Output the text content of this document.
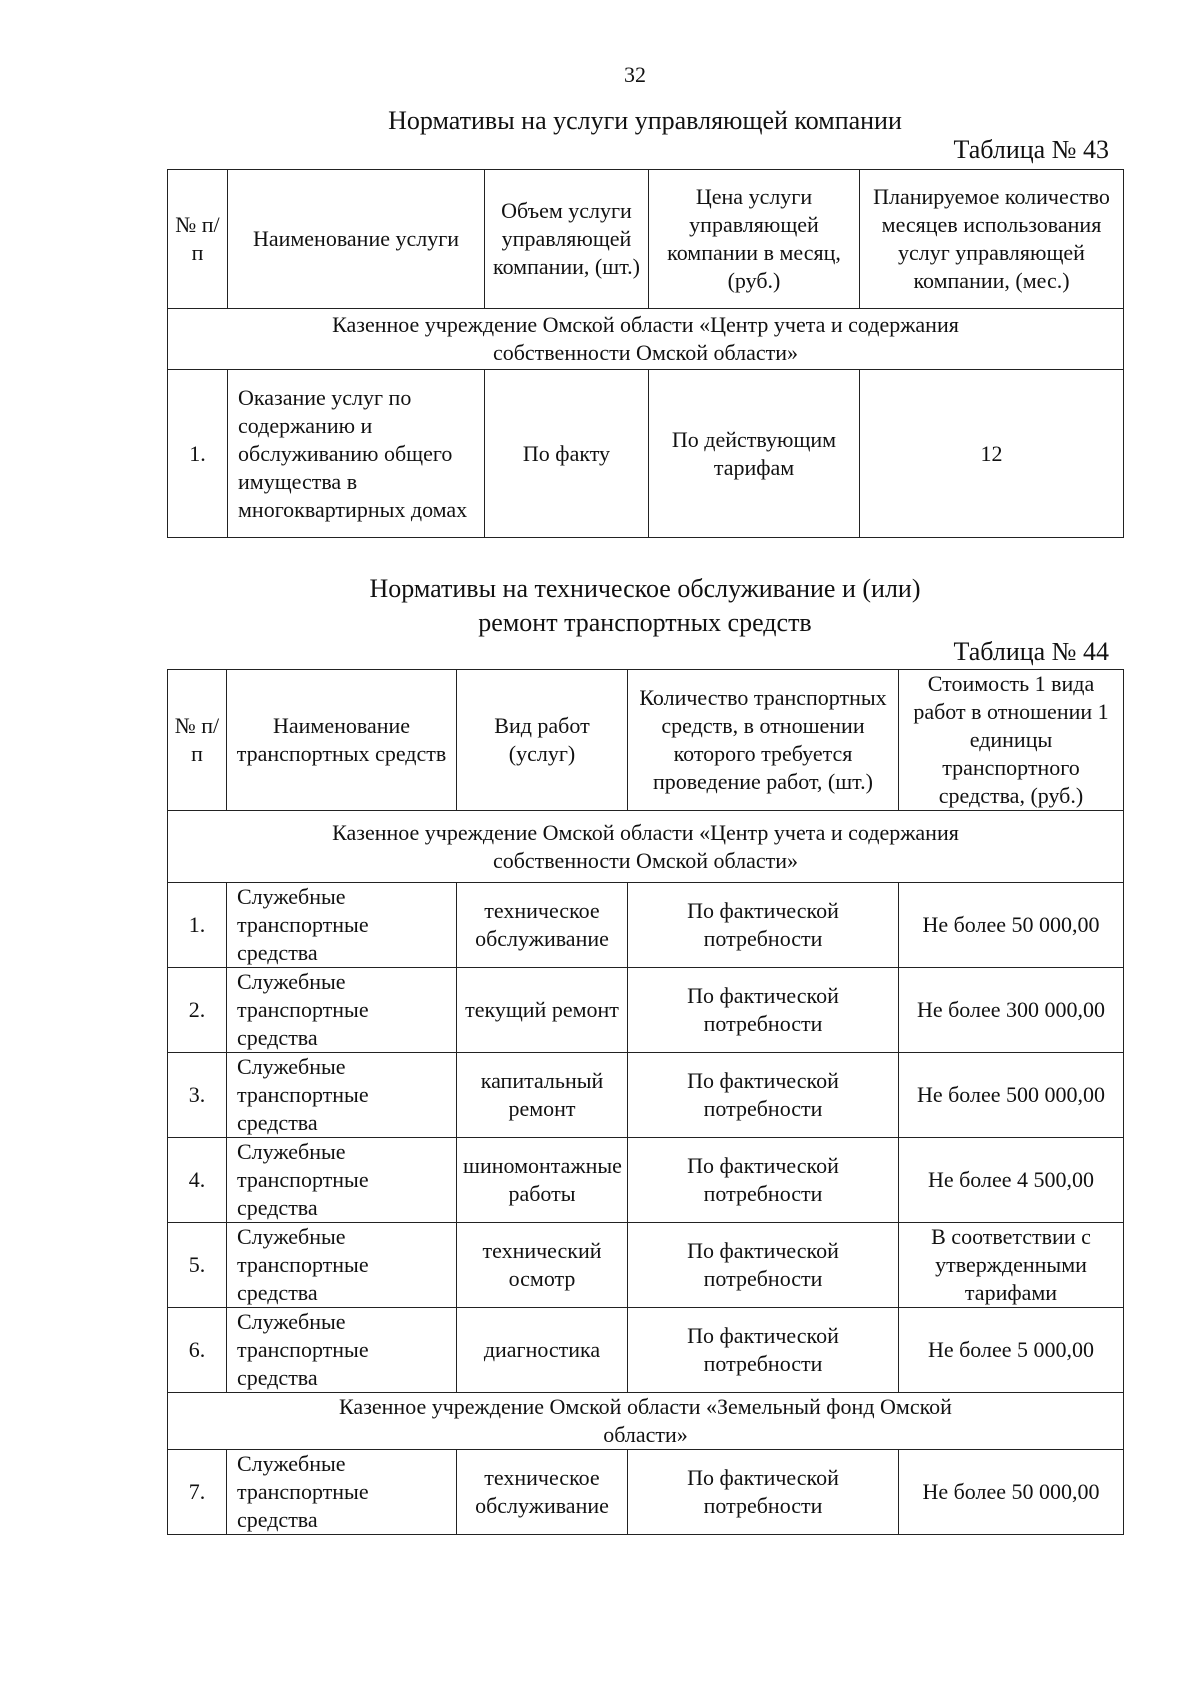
32
Нормативы на услуги управляющей компании
Таблица № 43
№ п/п	Наименование услуги	Объем услуги управляющей компании, (шт.)	Цена услуги управляющей компании в месяц, (руб.)	Планируемое количество месяцев использования услуг управляющей компании, (мес.)
Казенное учреждение Омской области «Центр учета и содержания собственности Омской области»				
1.	Оказание услуг по содержанию и обслуживанию общего имущества в многоквартирных домах	По факту	По действующим тарифам	12
Нормативы на техническое обслуживание и (или)
ремонт транспортных средств
Таблица № 44
№ п/п	Наименование транспортных средств	Вид работ (услуг)	Количество транспортных средств, в отношении которого требуется проведение работ, (шт.)	Стоимость 1 вида работ в отношении 1 единицы транспортного средства, (руб.)
Казенное учреждение Омской области «Центр учета и содержания собственности Омской области»				
1.	Служебные транспортные средства	техническое обслуживание	По фактической потребности	Не более 50 000,00
2.	Служебные транспортные средства	текущий ремонт	По фактической потребности	Не более 300 000,00
3.	Служебные транспортные средства	капитальный ремонт	По фактической потребности	Не более 500 000,00
4.	Служебные транспортные средства	шиномонтажные работы	По фактической потребности	Не более 4 500,00
5.	Служебные транспортные средства	технический осмотр	По фактической потребности	В соответствии с утвержденными тарифами
6.	Служебные транспортные средства	диагностика	По фактической потребности	Не более 5 000,00
Казенное учреждение Омской области «Земельный фонд Омской области»				
7.	Служебные транспортные средства	техническое обслуживание	По фактической потребности	Не более 50 000,00
